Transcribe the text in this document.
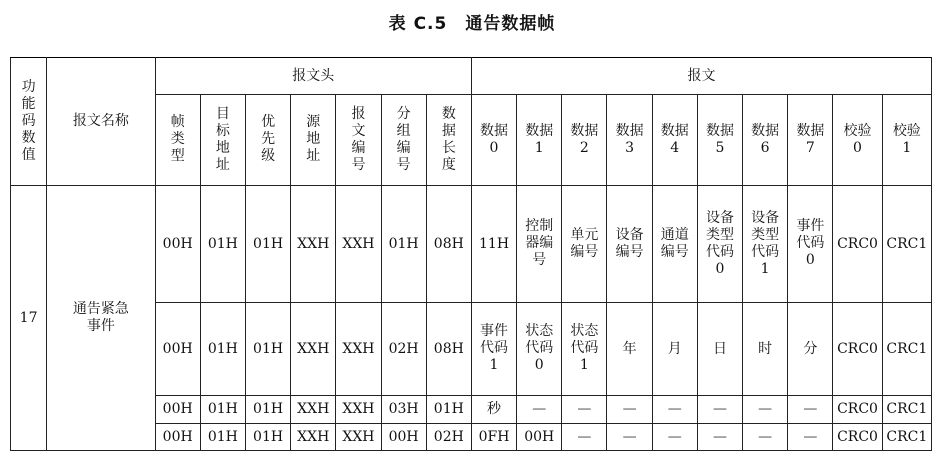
表 C.5　通告数据帧
功
能
码
数
值	报文名称	报文头							报文									
		帧
类
型	目
标
地
址	优
先
级	源
地
址	报
文
编
号	分
组
编
号	数
据
长
度	数据
0	数据
1	数据
2	数据
3	数据
4	数据
5	数据
6	数据
7	校验
0	校验
1
17	通告紧急
事件	00H	01H	01H	XXH	XXH	01H	08H	11H	控制
器编
号	单元
编号	设备
编号	通道
编号	设备
类型
代码
0	设备
类型
代码
1	事件
代码
0	CRC0	CRC1
		00H	01H	01H	XXH	XXH	02H	08H	事件
代码
1	状态
代码
0	状态
代码
1	年	月	日	时	分	CRC0	CRC1
		00H	01H	01H	XXH	XXH	03H	01H	秒	—	—	—	—	—	—	—	CRC0	CRC1
		00H	01H	01H	XXH	XXH	00H	02H	0FH	00H	—	—	—	—	—	—	CRC0	CRC1
